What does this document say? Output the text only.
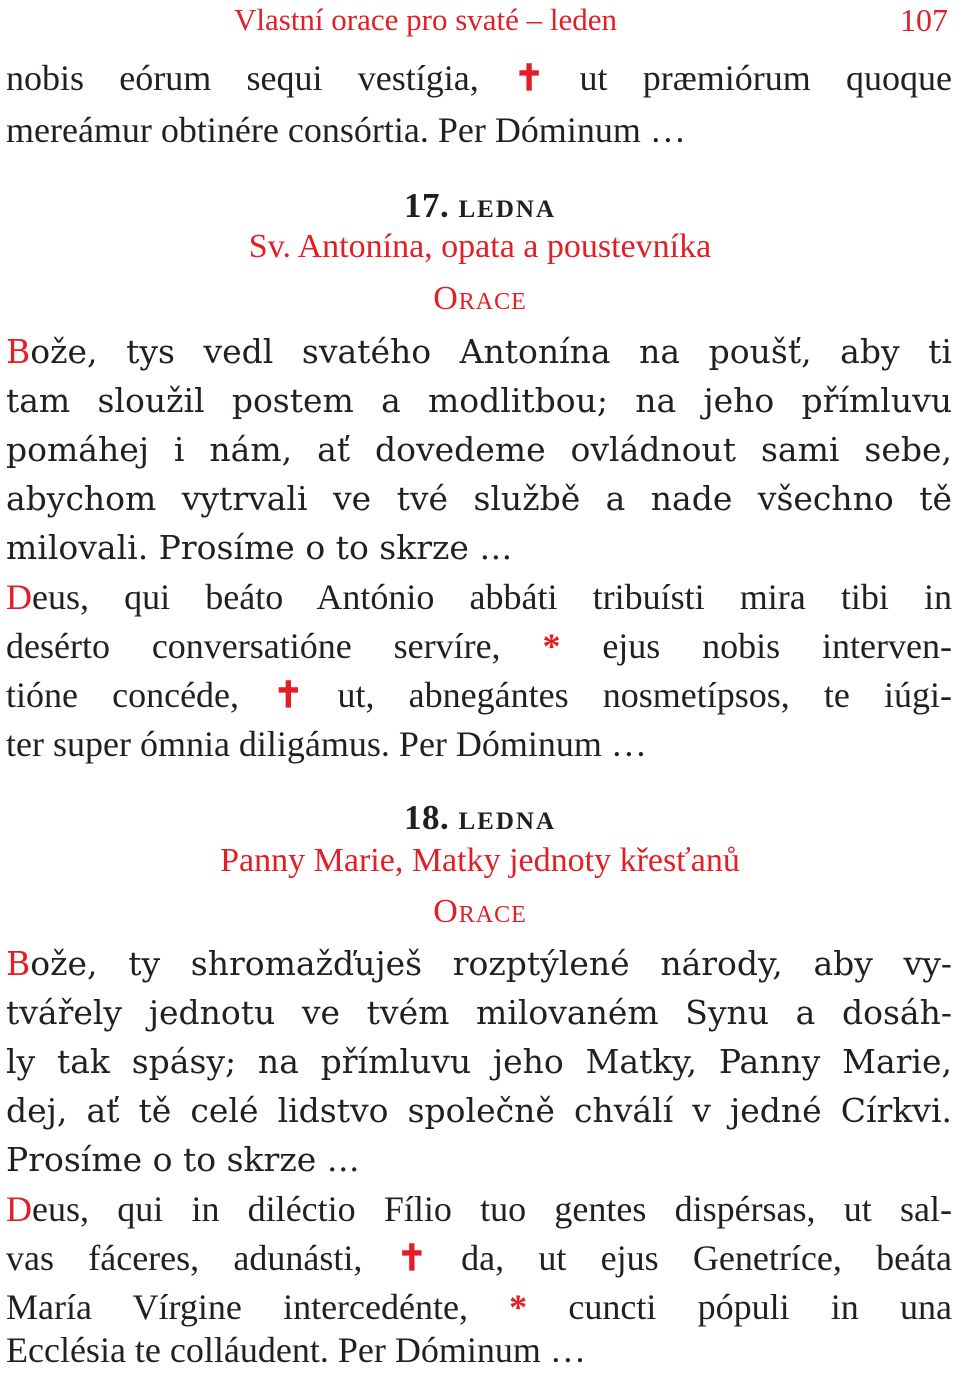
Vlastní orace pro svaté – leden	107
nobis eórum sequi vestígia, ✝ ut præmiórum quoque
mereámur obtinére consórtia. Per Dóminum …
17. ledna
Sv. Antonína, opata a poustevníka
Orace
Bože, tys vedl svatého Antonína na poušť, aby ti
tam sloužil postem a modlitbou; na jeho přímluvu
pomáhej i nám, ať dovedeme ovládnout sami sebe,
abychom vytrvali ve tvé službě a nade všechno tě
milovali. Prosíme o to skrze …
Deus, qui beáto António abbáti tribuísti mira tibi in
desérto conversatióne servíre, * ejus nobis interven-
tióne concéde, ✝ ut, abnegántes nosmetípsos, te iúgi-
ter super ómnia diligámus. Per Dóminum …
18. ledna
Panny Marie, Matky jednoty křesťanů
Orace
Bože, ty shromažďuješ rozptýlené národy, aby vy-
tvářely jednotu ve tvém milovaném Synu a dosáh-
ly tak spásy; na přímluvu jeho Matky, Panny Marie,
dej, ať tě celé lidstvo společně chválí v jedné Církvi.
Prosíme o to skrze …
Deus, qui in diléctio Fílio tuo gentes dispérsas, ut sal-
vas fáceres, adunásti, ✝ da, ut ejus Genetríce, beáta
María Vírgine intercedénte, * cuncti pópuli in una
Ecclésia te colláudent. Per Dóminum …
